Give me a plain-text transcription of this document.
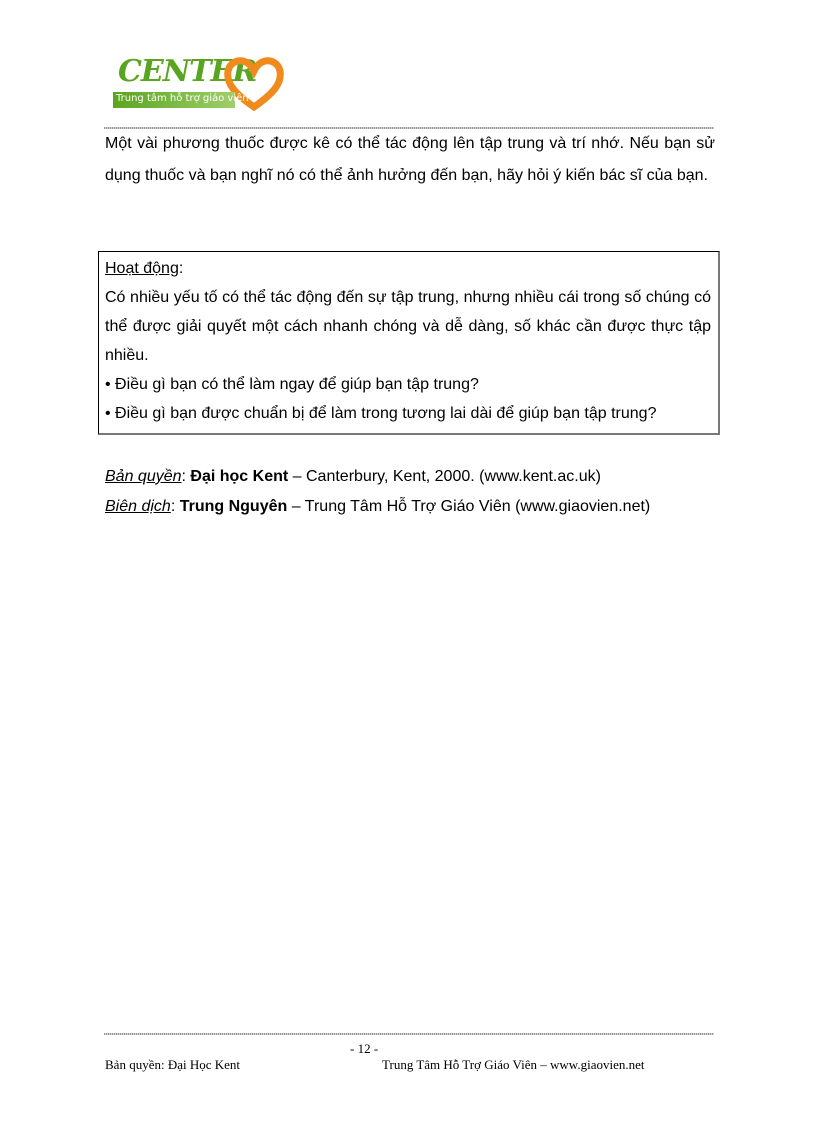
CENTER
Trung tâm hỗ trợ giáo viên

Một vài phương thuốc được kê có thể tác động lên tập trung và trí nhớ. Nếu bạn sử dụng thuốc và bạn nghĩ nó có thể ảnh hưởng đến bạn, hãy hỏi ý kiến bác sĩ của bạn.

Hoạt động:

Có nhiều yếu tố có thể tác động đến sự tập trung, nhưng nhiều cái trong số chúng có thể được giải quyết một cách nhanh chóng và dễ dàng, số khác cần được thực tập nhiều.

• Điều gì bạn có thể làm ngay để giúp bạn tập trung?

• Điều gì bạn được chuẩn bị để làm trong tương lai dài để giúp bạn tập trung?

Bản quyền: Đại học Kent – Canterbury, Kent, 2000. (www.kent.ac.uk)

Biên dịch: Trung Nguyên – Trung Tâm Hỗ Trợ Giáo Viên (www.giaovien.net)

- 12 -
Bản quyền: Đại Học Kent	Trung Tâm Hỗ Trợ Giáo Viên – www.giaovien.net
